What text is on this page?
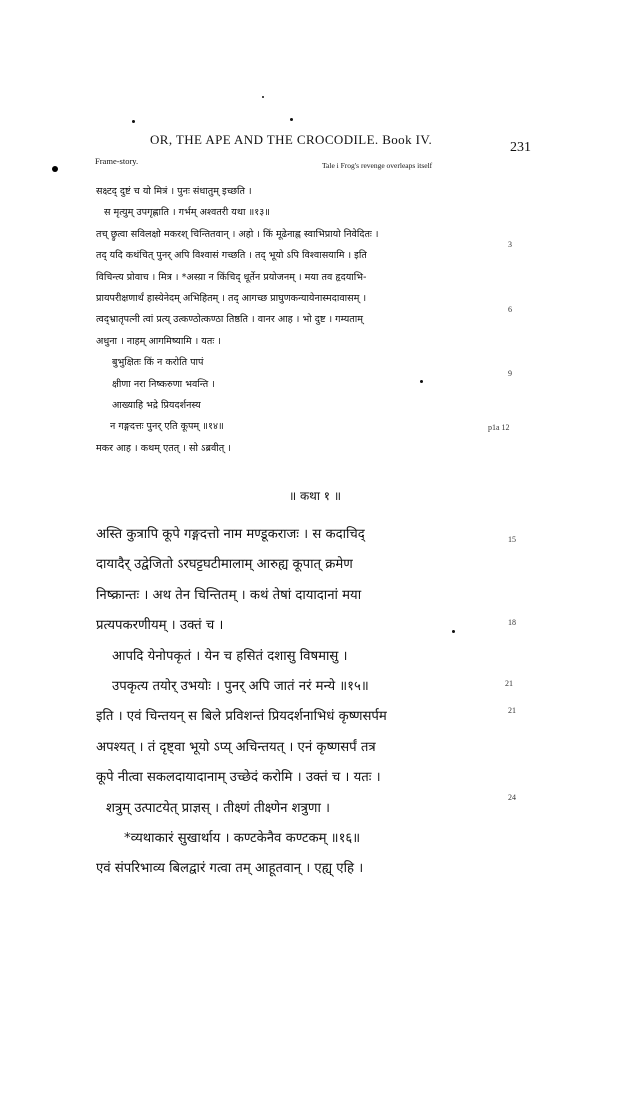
OR, THE APE AND THE CROCODILE. Book IV.
231
Frame-story.	Tale i Frog's revenge overleaps itself
सक्ष्टद् दुष्टं च यो मित्रं । पुनः संधातुम् इच्छति ।
स मृत्युम् उपगृह्णाति । गर्भम् अश्वतरी यथा ॥१३॥
तच् छ्रुत्वा सविलक्षो मकरश् चिन्तितवान् । अहो । किं मूढेनाह्न स्वाभिप्रायो निवेदितः ।
तद् यदि कथंचित् पुनर् अपि विश्वासं गच्छति । तद् भूयो ऽपि विश्वासयामि । इति
विचिन्त्य प्रोवाच । मित्र । *अस्य़ा न किंचिद् धूर्तेन प्रयोजनम् । मया तव हृदयाभि-
प्रायपरीक्षणार्थं हास्येनेदम् अभिहितम् । तद् आगच्छ प्राघुणकन्यायेनास्मदावासम् ।
त्वद्भ्रातृपत्नी त्वां प्रत्य् उत्कण्ठोत्कण्ठा तिष्ठति । वानर आह । भो दुष्ट । गम्यताम्
अधुना । नाहम् आगमिष्यामि । यतः ।
बुभुक्षितः किं न करोति पापं
क्षीणा नरा निष्करुणा भवन्ति ।
आख्याहि भद्रे प्रियदर्शनस्य
न गङ्गदत्तः पुनर् एति कूपम् ॥१४॥
मकर आह । कथम् एतत् । सो ऽब्रवीत् ।
3
6
9
p1a 12
॥ कथा १ ॥
अस्ति कुत्रापि कूपे गङ्गदत्तो नाम मण्डूकराजः । स कदाचिद्
दायादैर् उद्वेजितो ऽरघट्टघटीमालाम् आरुह्य कूपात् क्रमेण
निष्क्रान्तः । अथ तेन चिन्तितम् । कथं तेषां दायादानां मया
प्रत्यपकरणीयम् । उक्तं च ।
आपदि येनोपकृतं । येन च हसितं दशासु विषमासु ।
उपकृत्य तयोर् उभयोः । पुनर् अपि जातं नरं मन्ये ॥१५॥
इति । एवं चिन्तयन् स बिले प्रविशन्तं प्रियदर्शनाभिधं कृष्णसर्पम
अपश्यत् । तं दृष्ट्वा भूयो ऽप्य् अचिन्तयत् । एनं कृष्णसर्पं तत्र
कूपे नीत्वा सकलदायादानाम् उच्छेदं करोमि । उक्तं च । यतः ।
शत्रुम् उत्पाटयेत् प्राज्ञस् । तीक्ष्णं तीक्ष्णेन शत्रुणा ।
*व्यथाकारं सुखार्थाय । कण्टकेनैव कण्टकम् ॥१६॥
एवं संपरिभाव्य बिलद्वारं गत्वा तम् आहूतवान् । एह्य् एहि ।
15
18
21
21
24
